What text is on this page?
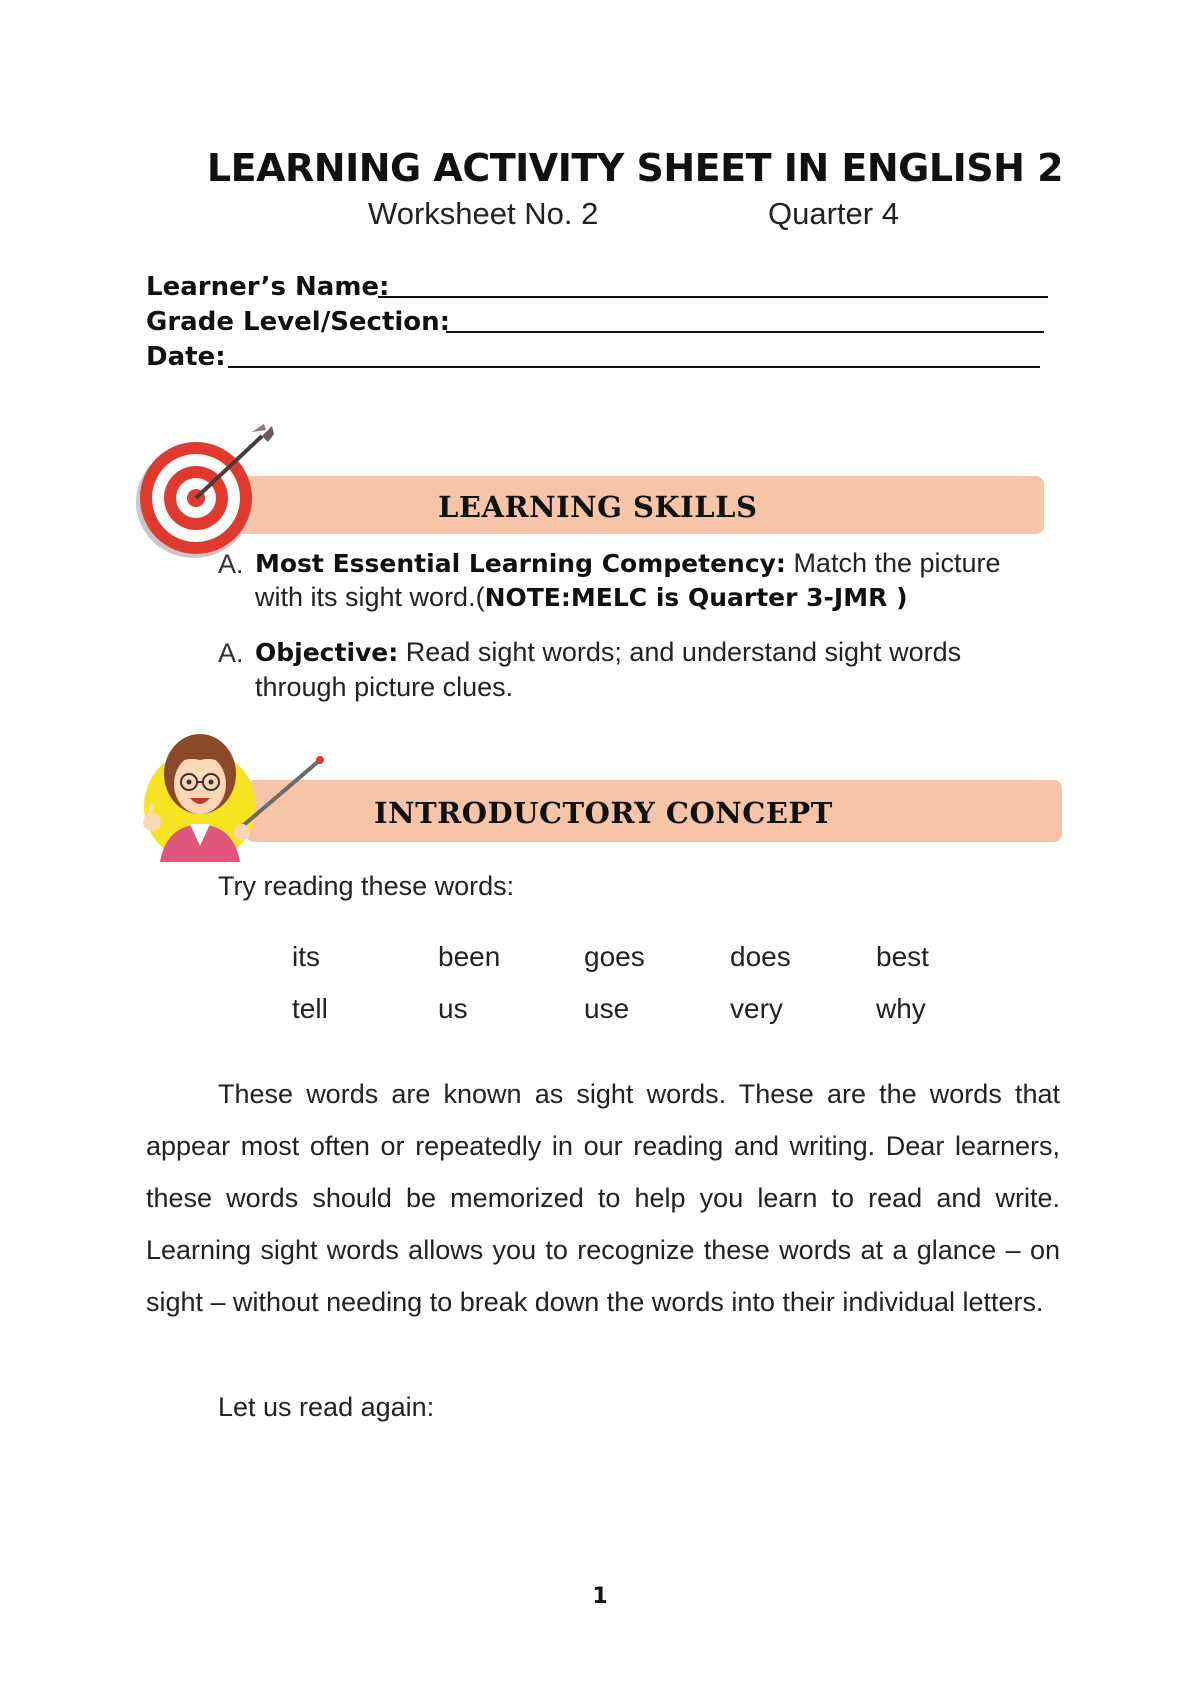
LEARNING ACTIVITY SHEET IN ENGLISH 2
Worksheet No. 2	Quarter 4
Learner’s Name:
Grade Level/Section:
Date:
LEARNING SKILLS
A. Most Essential Learning Competency: Match the picture
with its sight word.(NOTE:MELC is Quarter 3-JMR )
A. Objective: Read sight words; and understand sight words
through picture clues.
INTRODUCTORY CONCEPT
Try reading these words:
its	been	goes	does	best
tell	us	use	very	why
These words are known as sight words. These are the words that appear most often or repeatedly in our reading and writing. Dear learners, these words should be memorized to help you learn to read and write. Learning sight words allows you to recognize these words at a glance – on sight – without needing to break down the words into their individual letters.
Let us read again:
1
